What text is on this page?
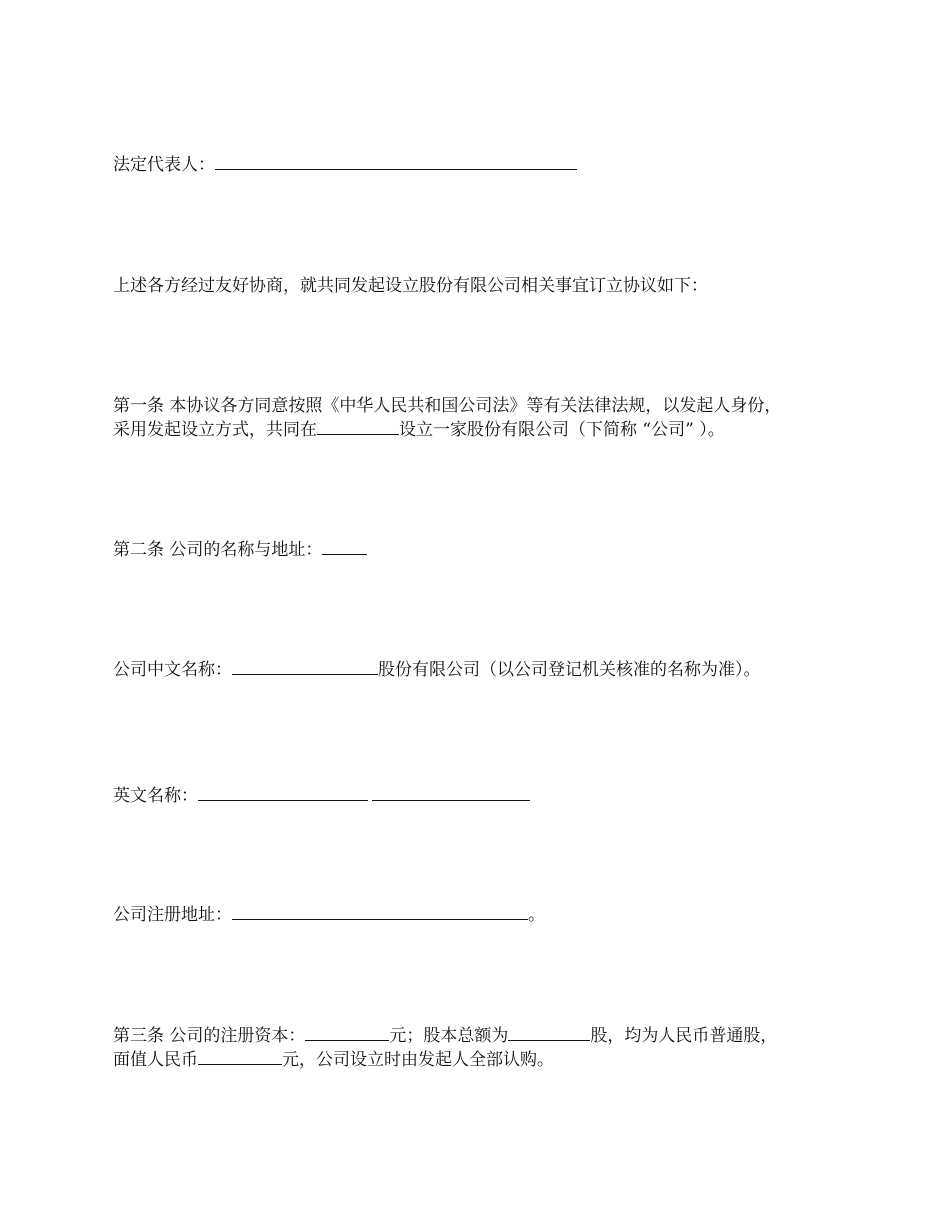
法定代表人：

上述各方经过友好协商，就共同发起设立股份有限公司相关事宜订立协议如下：

第一条 本协议各方同意按照《中华人民共和国公司法》等有关法律法规，以发起人身份，
采用发起设立方式，共同在	设立一家股份有限公司（下简称 “公司” ）。

第二条 公司的名称与地址：

公司中文名称：	股份有限公司（以公司登记机关核准的名称为准）。

英文名称：

公司注册地址：	。

第三条 公司的注册资本：	元；股本总额为	股，均为人民币普通股，
面值人民币	元，公司设立时由发起人全部认购。
